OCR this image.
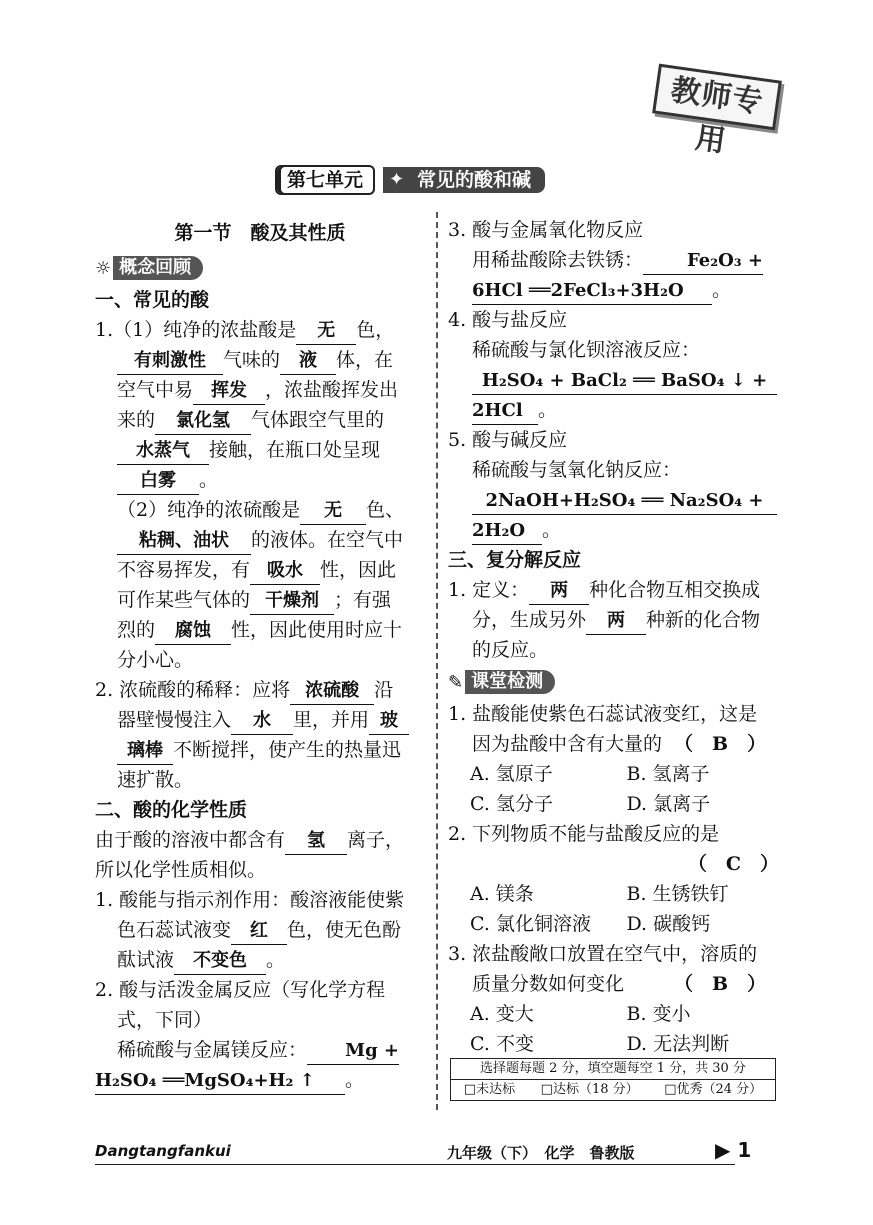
教师专用
第七单元	✦ 常见的酸和碱
第一节　酸及其性质
☼ 概念回顾
一、常见的酸
1.（1）纯净的浓盐酸是 无 色，
有刺激性 气味的 液 体，在
空气中易 挥发 ，浓盐酸挥发出
来的 氯化氢 气体跟空气里的
水蒸气 接触，在瓶口处呈现
白雾 。
（2）纯净的浓硫酸是 无 色、
粘稠、油状 的液体。在空气中
不容易挥发，有 吸水 性，因此
可作某些气体的 干燥剂 ；有强
烈的 腐蚀 性，因此使用时应十
分小心。
2. 浓硫酸的稀释：应将 浓硫酸 沿
器壁慢慢注入 水 里，并用 玻
璃棒 不断搅拌，使产生的热量迅
速扩散。
二、酸的化学性质
由于酸的溶液中都含有 氢 离子，
所以化学性质相似。
1. 酸能与指示剂作用：酸溶液能使紫
色石蕊试液变 红 色，使无色酚
酞试液 不变色 。
2. 酸与活泼金属反应（写化学方程
式，下同）
稀硫酸与金属镁反应： Mg +
H₂SO₄ ══MgSO₄+H₂ ↑ 。
3. 酸与金属氧化物反应
用稀盐酸除去铁锈： Fe₂O₃ +
6HCl ══2FeCl₃+3H₂O 。
4. 酸与盐反应
稀硫酸与氯化钡溶液反应：
H₂SO₄ + BaCl₂ ══ BaSO₄ ↓ +
2HCl 。
5. 酸与碱反应
稀硫酸与氢氧化钠反应：
2NaOH+H₂SO₄ ══ Na₂SO₄ +
2H₂O 。
三、复分解反应
1. 定义： 两 种化合物互相交换成
分，生成另外 两 种新的化合物
的反应。
✎ 课堂检测
1. 盐酸能使紫色石蕊试液变红，这是
因为盐酸中含有大量的 （　B　）
A. 氢原子	B. 氢离子
C. 氢分子	D. 氯离子
2. 下列物质不能与盐酸反应的是
（　C　）
A. 镁条	B. 生锈铁钉
C. 氯化铜溶液	D. 碳酸钙
3. 浓盐酸敞口放置在空气中，溶质的
质量分数如何变化	（　B　）
A. 变大	B. 变小
C. 不变	D. 无法判断
选择题每题 2 分，填空题每空 1 分，共 30 分
□未达标 □达标（18 分） □优秀（24 分）
Dangtangfankui	九年级（下）　化学　鲁教版	▶ 1
